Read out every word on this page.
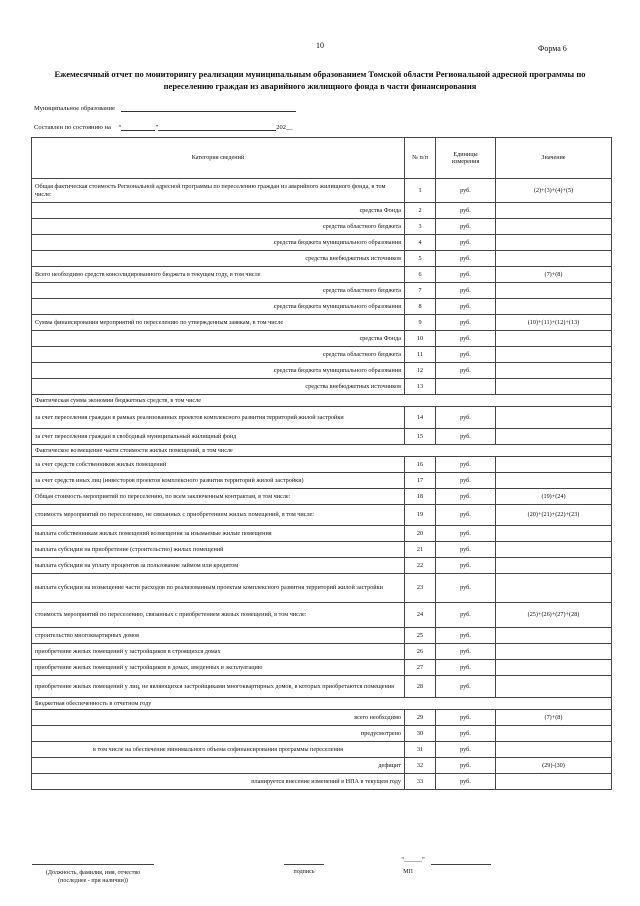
10	Форма 6
Ежемесячный отчет по мониторингу реализации муниципальным образованием Томской области Региональной адресной программы по переселению граждан из аварийного жилищного фонда в части финансирования
Муниципальное образование
Составлен по состоянию на “	”	202__
Категория сведений	№ п/п	Единицы измерения	Значение
Общая фактическая стоимость Региональной адресной программы по переселению граждан из аварийного жилищного фонда, в том числе:	1	руб.	(2)+(3)+(4)+(5)
средства Фонда	2	руб.	
средства областного бюджета	3	руб.	
средства бюджета муниципального образования	4	руб.	
средства внебюджетных источников	5	руб.	
Всего необходимо средств консолидированного бюджета в текущем году, в том числе	6	руб.	(7)+(8)
средства областного бюджета	7	руб.	
средства бюджета муниципального образования	8	руб.	
Сумма финансирования мероприятий по переселению по утвержденным заявкам, в том числе	9	руб.	(10)+(11)+(12)+(13)
средства Фонда	10	руб.	
средства областного бюджета	11	руб.	
средства бюджета муниципального образования	12	руб.	
средства внебюджетных источников	13		
Фактическая сумма экономии бюджетных средств, в том числе			
за счет переселения граждан в рамках реализованных проектов комплексного развития территорий жилой застройки	14	руб.	
за счет переселения граждан в свободный муниципальный жилищный фонд	15	руб.	
Фактическое возмещение части стоимости жилых помещений, в том числе			
за счет средств собственников жилых помещений	16	руб.	
за счет средств иных лиц (инвесторов проектов комплексного развития территорий жилой застройки)	17	руб.	
Общая стоимость мероприятий по переселению, по всем заключенным контрактам, в том числе:	18	руб.	(19)+(24)
стоимость мероприятий по переселению, не связанных с приобретением жилых помещений, в том числе:	19	руб.	(20)+(21)+(22)+(23)
выплата собственникам жилых помещений возмещения за изымаемые жилые помещения	20	руб.	
выплата субсидии на приобретение (строительство) жилых помещений	21	руб.	
выплата субсидии на уплату процентов за пользование займом или кредитом	22	руб.	
выплата субсидии на возмещение части расходов по реализованным проектам комплексного развития территорий жилой застройки	23	руб.	
стоимость мероприятий по переселению, связанных с приобретением жилых помещений, в том числе:	24	руб.	(25)+(26)+(27)+(28)
строительство многоквартирных домов	25	руб.	
приобретение жилых помещений у застройщиков в строящихся домах	26	руб.	
приобретение жилых помещений у застройщиков в домах, введенных в эксплуатацию	27	руб.	
приобретение жилых помещений у лиц, не являющихся застройщиками многоквартирных домов, в которых приобретаются помещения	28	руб.	
Бюджетная обеспеченность в отчетном году			
всего необходимо	29	руб.	(7)+(8)
предусмотрено	30	руб.	
в том числе на обеспечение минимального объема софинансирования программы переселения	31	руб.	
дефицит	32	руб.	(29)-(30)
планируется внесение изменений в НПА в текущем году	33	руб.	
(Должность, фамилия, имя, отчество (последнее - при наличии))
подпись
“______”
МП
